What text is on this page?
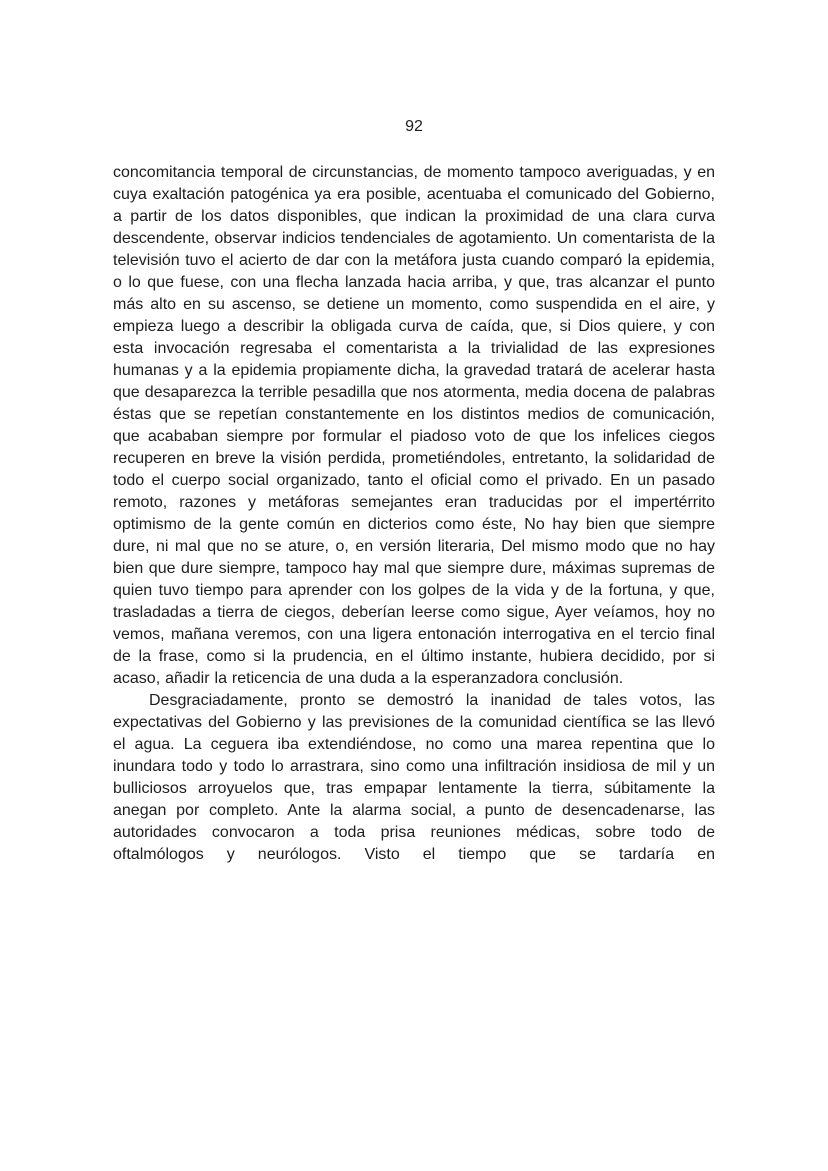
92

concomitancia temporal de circunstancias, de momento tampoco averiguadas, y en cuya exaltación patogénica ya era posible, acentuaba el comunicado del Gobierno, a partir de los datos disponibles, que indican la proximidad de una clara curva descendente, observar indicios tendenciales de agotamiento. Un comentarista de la televisión tuvo el acierto de dar con la metáfora justa cuando comparó la epidemia, o lo que fuese, con una flecha lanzada hacia arriba, y que, tras alcanzar el punto más alto en su ascenso, se detiene un momento, como suspendida en el aire, y empieza luego a describir la obligada curva de caída, que, si Dios quiere, y con esta invocación regresaba el comentarista a la trivialidad de las expresiones humanas y a la epidemia propiamente dicha, la gravedad tratará de acelerar hasta que desaparezca la terrible pesadilla que nos atormenta, media docena de palabras éstas que se repetían constantemente en los distintos medios de comunicación, que acababan siempre por formular el piadoso voto de que los infelices ciegos recuperen en breve la visión perdida, prometiéndoles, entretanto, la solidaridad de todo el cuerpo social organizado, tanto el oficial como el privado. En un pasado remoto, razones y metáforas semejantes eran traducidas por el impertérrito optimismo de la gente común en dicterios como éste, No hay bien que siempre dure, ni mal que no se ature, o, en versión literaria, Del mismo modo que no hay bien que dure siempre, tampoco hay mal que siempre dure, máximas supremas de quien tuvo tiempo para aprender con los golpes de la vida y de la fortuna, y que, trasladadas a tierra de ciegos, deberían leerse como sigue, Ayer veíamos, hoy no vemos, mañana veremos, con una ligera entonación interrogativa en el tercio final de la frase, como si la prudencia, en el último instante, hubiera decidido, por si acaso, añadir la reticencia de una duda a la esperanzadora conclusión.

Desgraciadamente, pronto se demostró la inanidad de tales votos, las expectativas del Gobierno y las previsiones de la comunidad científica se las llevó el agua. La ceguera iba extendiéndose, no como una marea repentina que lo inundara todo y todo lo arrastrara, sino como una infiltración insidiosa de mil y un bulliciosos arroyuelos que, tras empapar lentamente la tierra, súbitamente la anegan por completo. Ante la alarma social, a punto de desencadenarse, las autoridades convocaron a toda prisa reuniones médicas, sobre todo de oftalmólogos y neurólogos. Visto el tiempo que se tardaría en
